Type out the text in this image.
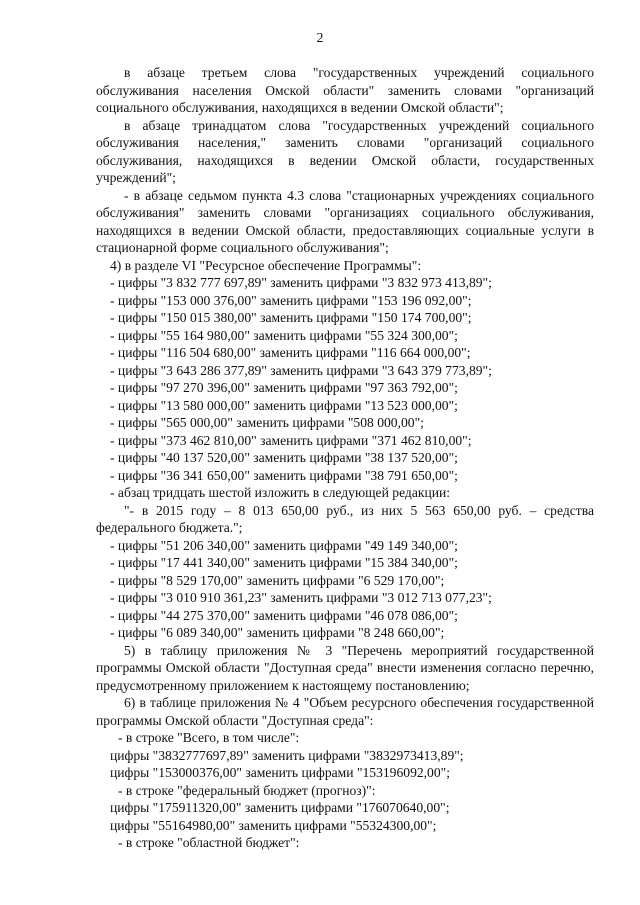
2

в абзаце третьем слова "государственных учреждений социального обслуживания населения Омской области" заменить словами "организаций социального обслуживания, находящихся в ведении Омской области";

в абзаце тринадцатом слова "государственных учреждений социального обслуживания населения," заменить словами "организаций социального обслуживания, находящихся в ведении Омской области, государственных учреждений";

- в абзаце седьмом пункта 4.3 слова "стационарных учреждениях социального обслуживания" заменить словами "организациях социального обслуживания, находящихся в ведении Омской области, предоставляющих социальные услуги в стационарной форме социального обслуживания";

4) в разделе VI "Ресурсное обеспечение Программы":

- цифры "3 832 777 697,89" заменить цифрами "3 832 973 413,89";

- цифры "153 000 376,00" заменить цифрами "153 196 092,00";

- цифры "150 015 380,00" заменить цифрами "150 174 700,00";

- цифры "55 164 980,00" заменить цифрами "55 324 300,00";

- цифры "116 504 680,00" заменить цифрами "116 664 000,00";

- цифры "3 643 286 377,89" заменить цифрами "3 643 379 773,89";

- цифры "97 270 396,00" заменить цифрами "97 363 792,00";

- цифры "13 580 000,00" заменить цифрами "13 523 000,00";

- цифры "565 000,00" заменить цифрами "508 000,00";

- цифры "373 462 810,00" заменить цифрами "371 462 810,00";

- цифры "40 137 520,00" заменить цифрами "38 137 520,00";

- цифры "36 341 650,00" заменить цифрами "38 791 650,00";

- абзац тридцать шестой изложить в следующей редакции:

"- в 2015 году – 8 013 650,00 руб., из них 5 563 650,00 руб. – средства федерального бюджета.";

- цифры "51 206 340,00" заменить цифрами "49 149 340,00";

- цифры "17 441 340,00" заменить цифрами "15 384 340,00";

- цифры "8 529 170,00" заменить цифрами "6 529 170,00";

- цифры "3 010 910 361,23" заменить цифрами "3 012 713 077,23";

- цифры "44 275 370,00" заменить цифрами "46 078 086,00";

- цифры "6 089 340,00" заменить цифрами "8 248 660,00";

5) в таблицу приложения № 3 "Перечень мероприятий государственной программы Омской области "Доступная среда" внести изменения согласно перечню, предусмотренному приложением к настоящему постановлению;

6) в таблице приложения № 4 "Объем ресурсного обеспечения государственной программы Омской области "Доступная среда":

- в строке "Всего, в том числе":

цифры "3832777697,89" заменить цифрами "3832973413,89";

цифры "153000376,00" заменить цифрами "153196092,00";

- в строке "федеральный бюджет (прогноз)":

цифры "175911320,00" заменить цифрами "176070640,00";

цифры "55164980,00" заменить цифрами "55324300,00";

- в строке "областной бюджет":
